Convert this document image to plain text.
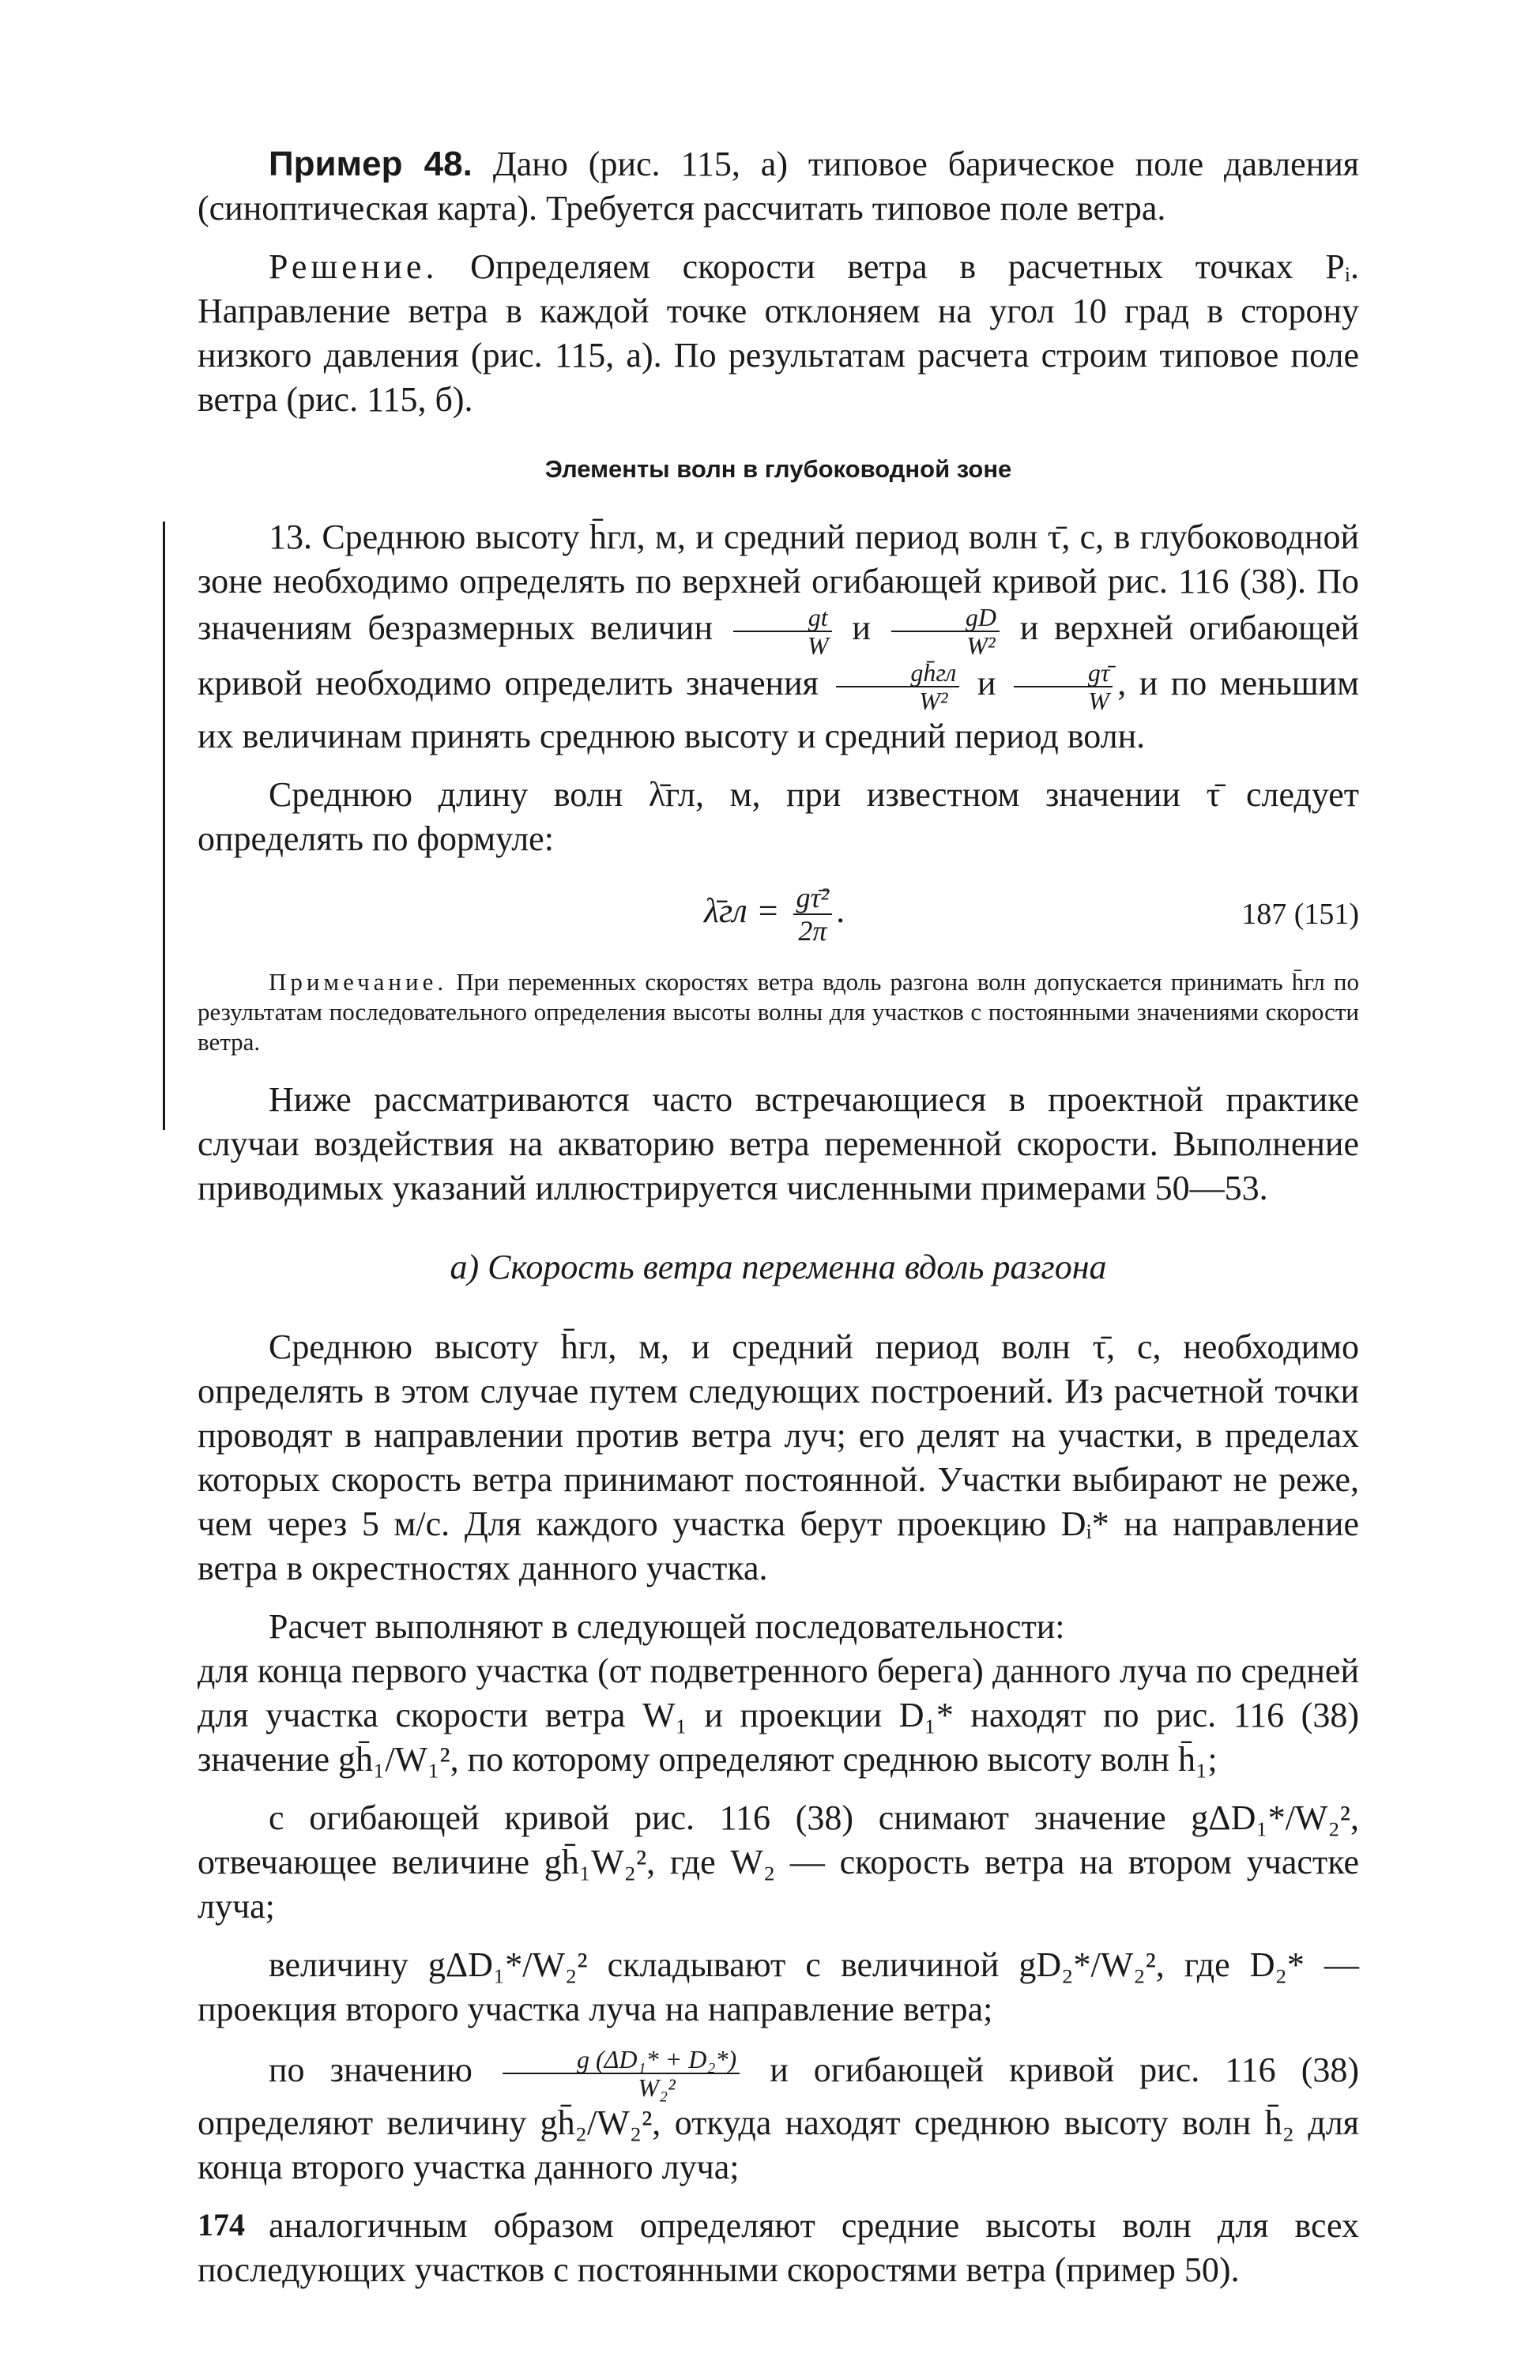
Пример 48. Дано (рис. 115, а) типовое барическое поле давления (синоптическая карта). Требуется рассчитать типовое поле ветра.

Решение. Определяем скорости ветра в расчетных точках Pᵢ. Направление ветра в каждой точке отклоняем на угол 10 град в сторону низкого давления (рис. 115, а). По результатам расчета строим типовое поле ветра (рис. 115, б).

Элементы волн в глубоководной зоне

13. Среднюю высоту h̄гл, м, и средний период волн τ̄, с, в глубоководной зоне необходимо определять по верхней огибающей кривой рис. 116 (38). По значениям безразмерных величин $\frac{gt}{W}$ и $\frac{gD}{\text{W²}}$ и верхней огибающей кривой необходимо определить значения $\frac{gh̄гл}{\text{W²}}$ и $\frac{g\taū}{W}$ , и по меньшим их величинам принять среднюю высоту и средний период волн.

Среднюю длину волн λ̄гл, м, при известном значении τ̄ следует определять по формуле:

λ̄гл = $\frac{\text{gτ̄²}}{2\pi}$ .	187 (151)

Примечание. При переменных скоростях ветра вдоль разгона волн допускается принимать h̄гл по результатам последовательного определения высоты волны для участков с постоянными значениями скорости ветра.

Ниже рассматриваются часто встречающиеся в проектной практике случаи воздействия на акваторию ветра переменной скорости. Выполнение приводимых указаний иллюстрируется численными примерами 50—53.

а) Скорость ветра переменна вдоль разгона

Среднюю высоту h̄гл, м, и средний период волн τ̄, с, необходимо определять в этом случае путем следующих построений. Из расчетной точки проводят в направлении против ветра луч; его делят на участки, в пределах которых скорость ветра принимают постоянной. Участки выбирают не реже, чем через 5 м/с. Для каждого участка берут проекцию Dᵢ* на направление ветра в окрестностях данного участка.

Расчет выполняют в следующей последовательности:

для конца первого участка (от подветренного берега) данного луча по средней для участка скорости ветра W₁ и проекции D₁* находят по рис. 116 (38) значение gh̄₁/W₁², по которому определяют среднюю высоту волн h̄₁;

с огибающей кривой рис. 116 (38) снимают значение gΔD₁*/W₂², отвечающее величине gh̄₁W₂², где W₂ — скорость ветра на втором участке луча;

величину gΔD₁*/W₂² складывают с величиной gD₂*/W₂², где D₂* — проекция второго участка луча на направление ветра;

по значению $\frac{\text{g (ΔD₁* + D₂*)}}{\text{W₂²}}$ и огибающей кривой рис. 116 (38) определяют величину gh̄₂/W₂², откуда находят среднюю высоту волн h̄₂ для конца второго участка данного луча;

аналогичным образом определяют средние высоты волн для всех последующих участков с постоянными скоростями ветра (пример 50).

174
